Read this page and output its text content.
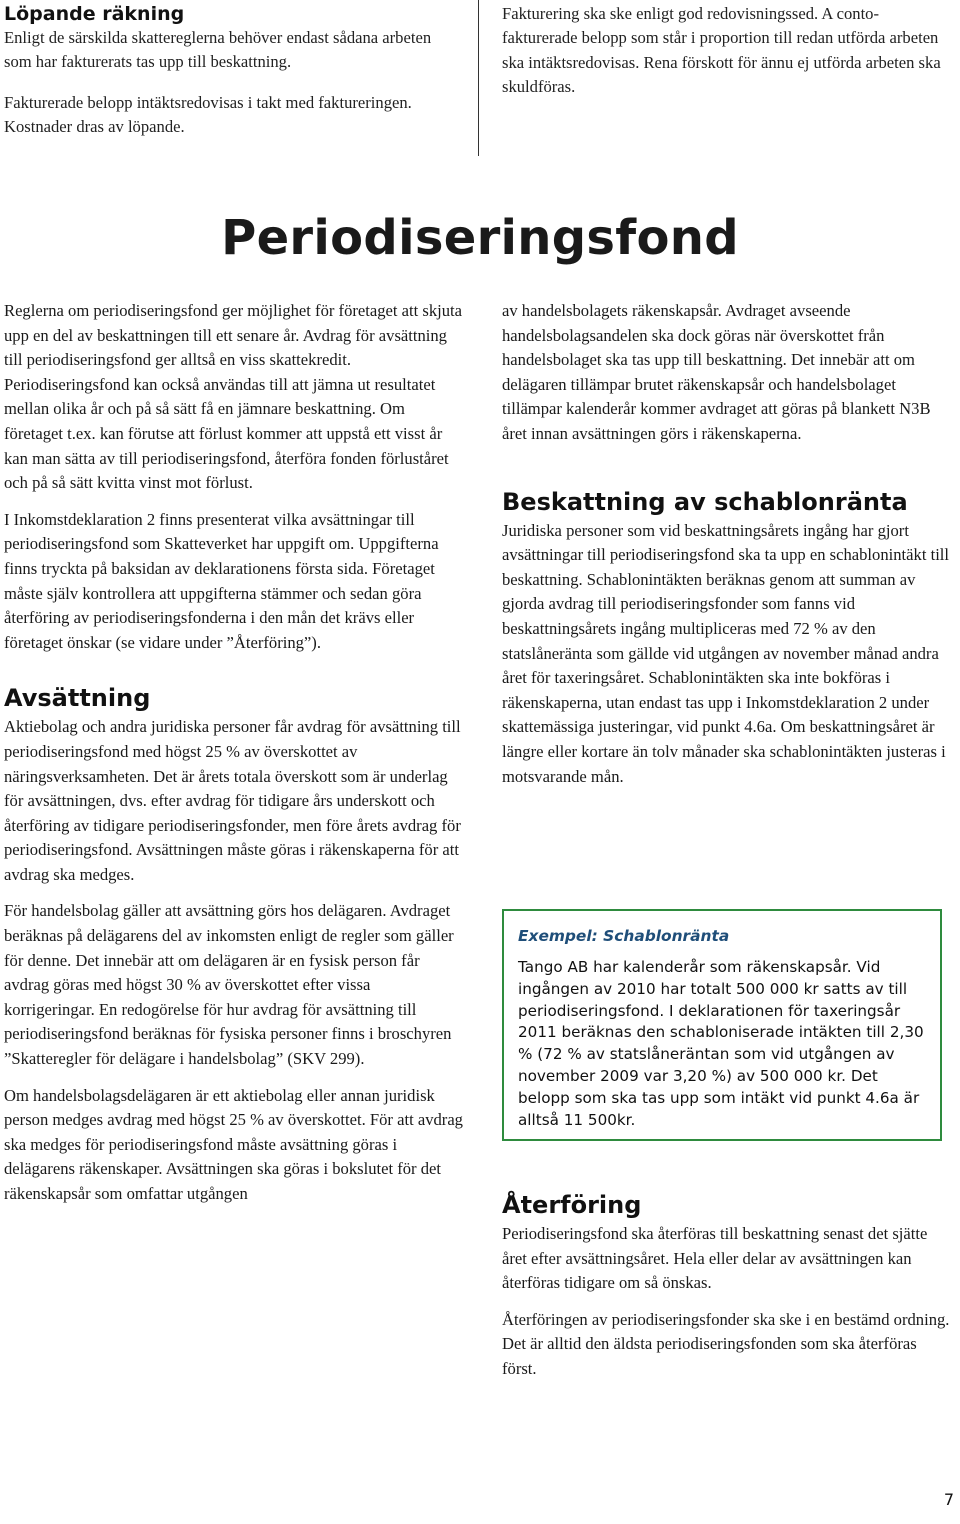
Löpande räkning

Enligt de särskilda skattereglerna behöver endast sådana arbeten som har fakturerats tas upp till beskattning.

Fakturerade belopp intäktsredovisas i takt med faktureringen. Kostnader dras av löpande.

Fakturering ska ske enligt god redovisningssed. A conto-fakturerade belopp som står i proportion till redan utförda arbeten ska intäktsredovisas. Rena förskott för ännu ej utförda arbeten ska skuldföras.

Periodiseringsfond

Reglerna om periodiseringsfond ger möjlighet för företaget att skjuta upp en del av beskattningen till ett senare år. Avdrag för avsättning till periodiseringsfond ger alltså en viss skattekredit. Periodiseringsfond kan också användas till att jämna ut resultatet mellan olika år och på så sätt få en jämnare beskattning. Om företaget t.ex. kan förutse att förlust kommer att uppstå ett visst år kan man sätta av till periodiseringsfond, återföra fonden förluståret och på så sätt kvitta vinst mot förlust.

I Inkomstdeklaration 2 finns presenterat vilka avsättningar till periodiseringsfond som Skatteverket har uppgift om. Uppgifterna finns tryckta på baksidan av deklarationens första sida. Företaget måste själv kontrollera att uppgifterna stämmer och sedan göra återföring av periodiseringsfonderna i den mån det krävs eller företaget önskar (se vidare under ”Återföring”).

Avsättning

Aktiebolag och andra juridiska personer får avdrag för avsättning till periodiseringsfond med högst 25 % av överskottet av näringsverksamheten. Det är årets totala överskott som är underlag för avsättningen, dvs. efter avdrag för tidigare års underskott och återföring av tidigare periodiseringsfonder, men före årets avdrag för periodiseringsfond. Avsättningen måste göras i räkenskaperna för att avdrag ska medges.

För handelsbolag gäller att avsättning görs hos delägaren. Avdraget beräknas på delägarens del av inkomsten enligt de regler som gäller för denne. Det innebär att om delägaren är en fysisk person får avdrag göras med högst 30 % av överskottet efter vissa korrigeringar. En redogörelse för hur avdrag för avsättning till periodiseringsfond beräknas för fysiska personer finns i broschyren ”Skatteregler för delägare i handelsbolag” (SKV 299).

Om handelsbolagsdelägaren är ett aktiebolag eller annan juridisk person medges avdrag med högst 25 % av överskottet. För att avdrag ska medges för periodiseringsfond måste avsättning göras i delägarens räkenskaper. Avsättningen ska göras i bokslutet för det räkenskapsår som omfattar utgången

av handelsbolagets räkenskapsår. Avdraget avseende handelsbolagsandelen ska dock göras när överskottet från handelsbolaget ska tas upp till beskattning. Det innebär att om delägaren tillämpar brutet räkenskapsår och handelsbolaget tillämpar kalenderår kommer avdraget att göras på blankett N3B året innan avsättningen görs i räkenskaperna.

Beskattning av schablonränta

Juridiska personer som vid beskattningsårets ingång har gjort avsättningar till periodiseringsfond ska ta upp en schablonintäkt till beskattning. Schablonintäkten beräknas genom att summan av gjorda avdrag till periodiseringsfonder som fanns vid beskattningsårets ingång multipliceras med 72 % av den statslåneränta som gällde vid utgången av november månad andra året för taxeringsåret. Schablonintäkten ska inte bokföras i räkenskaperna, utan endast tas upp i Inkomstdeklaration 2 under skattemässiga justeringar, vid punkt 4.6a. Om beskattningsåret är längre eller kortare än tolv månader ska schablonintäkten justeras i motsvarande mån.

Exempel: Schablonränta

Tango AB har kalenderår som räkenskapsår. Vid ingången av 2010 har totalt 500 000 kr satts av till periodiseringsfond. I deklarationen för taxeringsår 2011 beräknas den schabloniserade intäkten till 2,30 % (72 % av statslåneräntan som vid utgången av november 2009 var 3,20 %) av 500 000 kr. Det belopp som ska tas upp som intäkt vid punkt 4.6a är alltså 11 500kr.

Återföring

Periodiseringsfond ska återföras till beskattning senast det sjätte året efter avsättningsåret. Hela eller delar av avsättningen kan återföras tidigare om så önskas.

Återföringen av periodiseringsfonder ska ske i en bestämd ordning. Det är alltid den äldsta periodiseringsfonden som ska återföras först.

7
